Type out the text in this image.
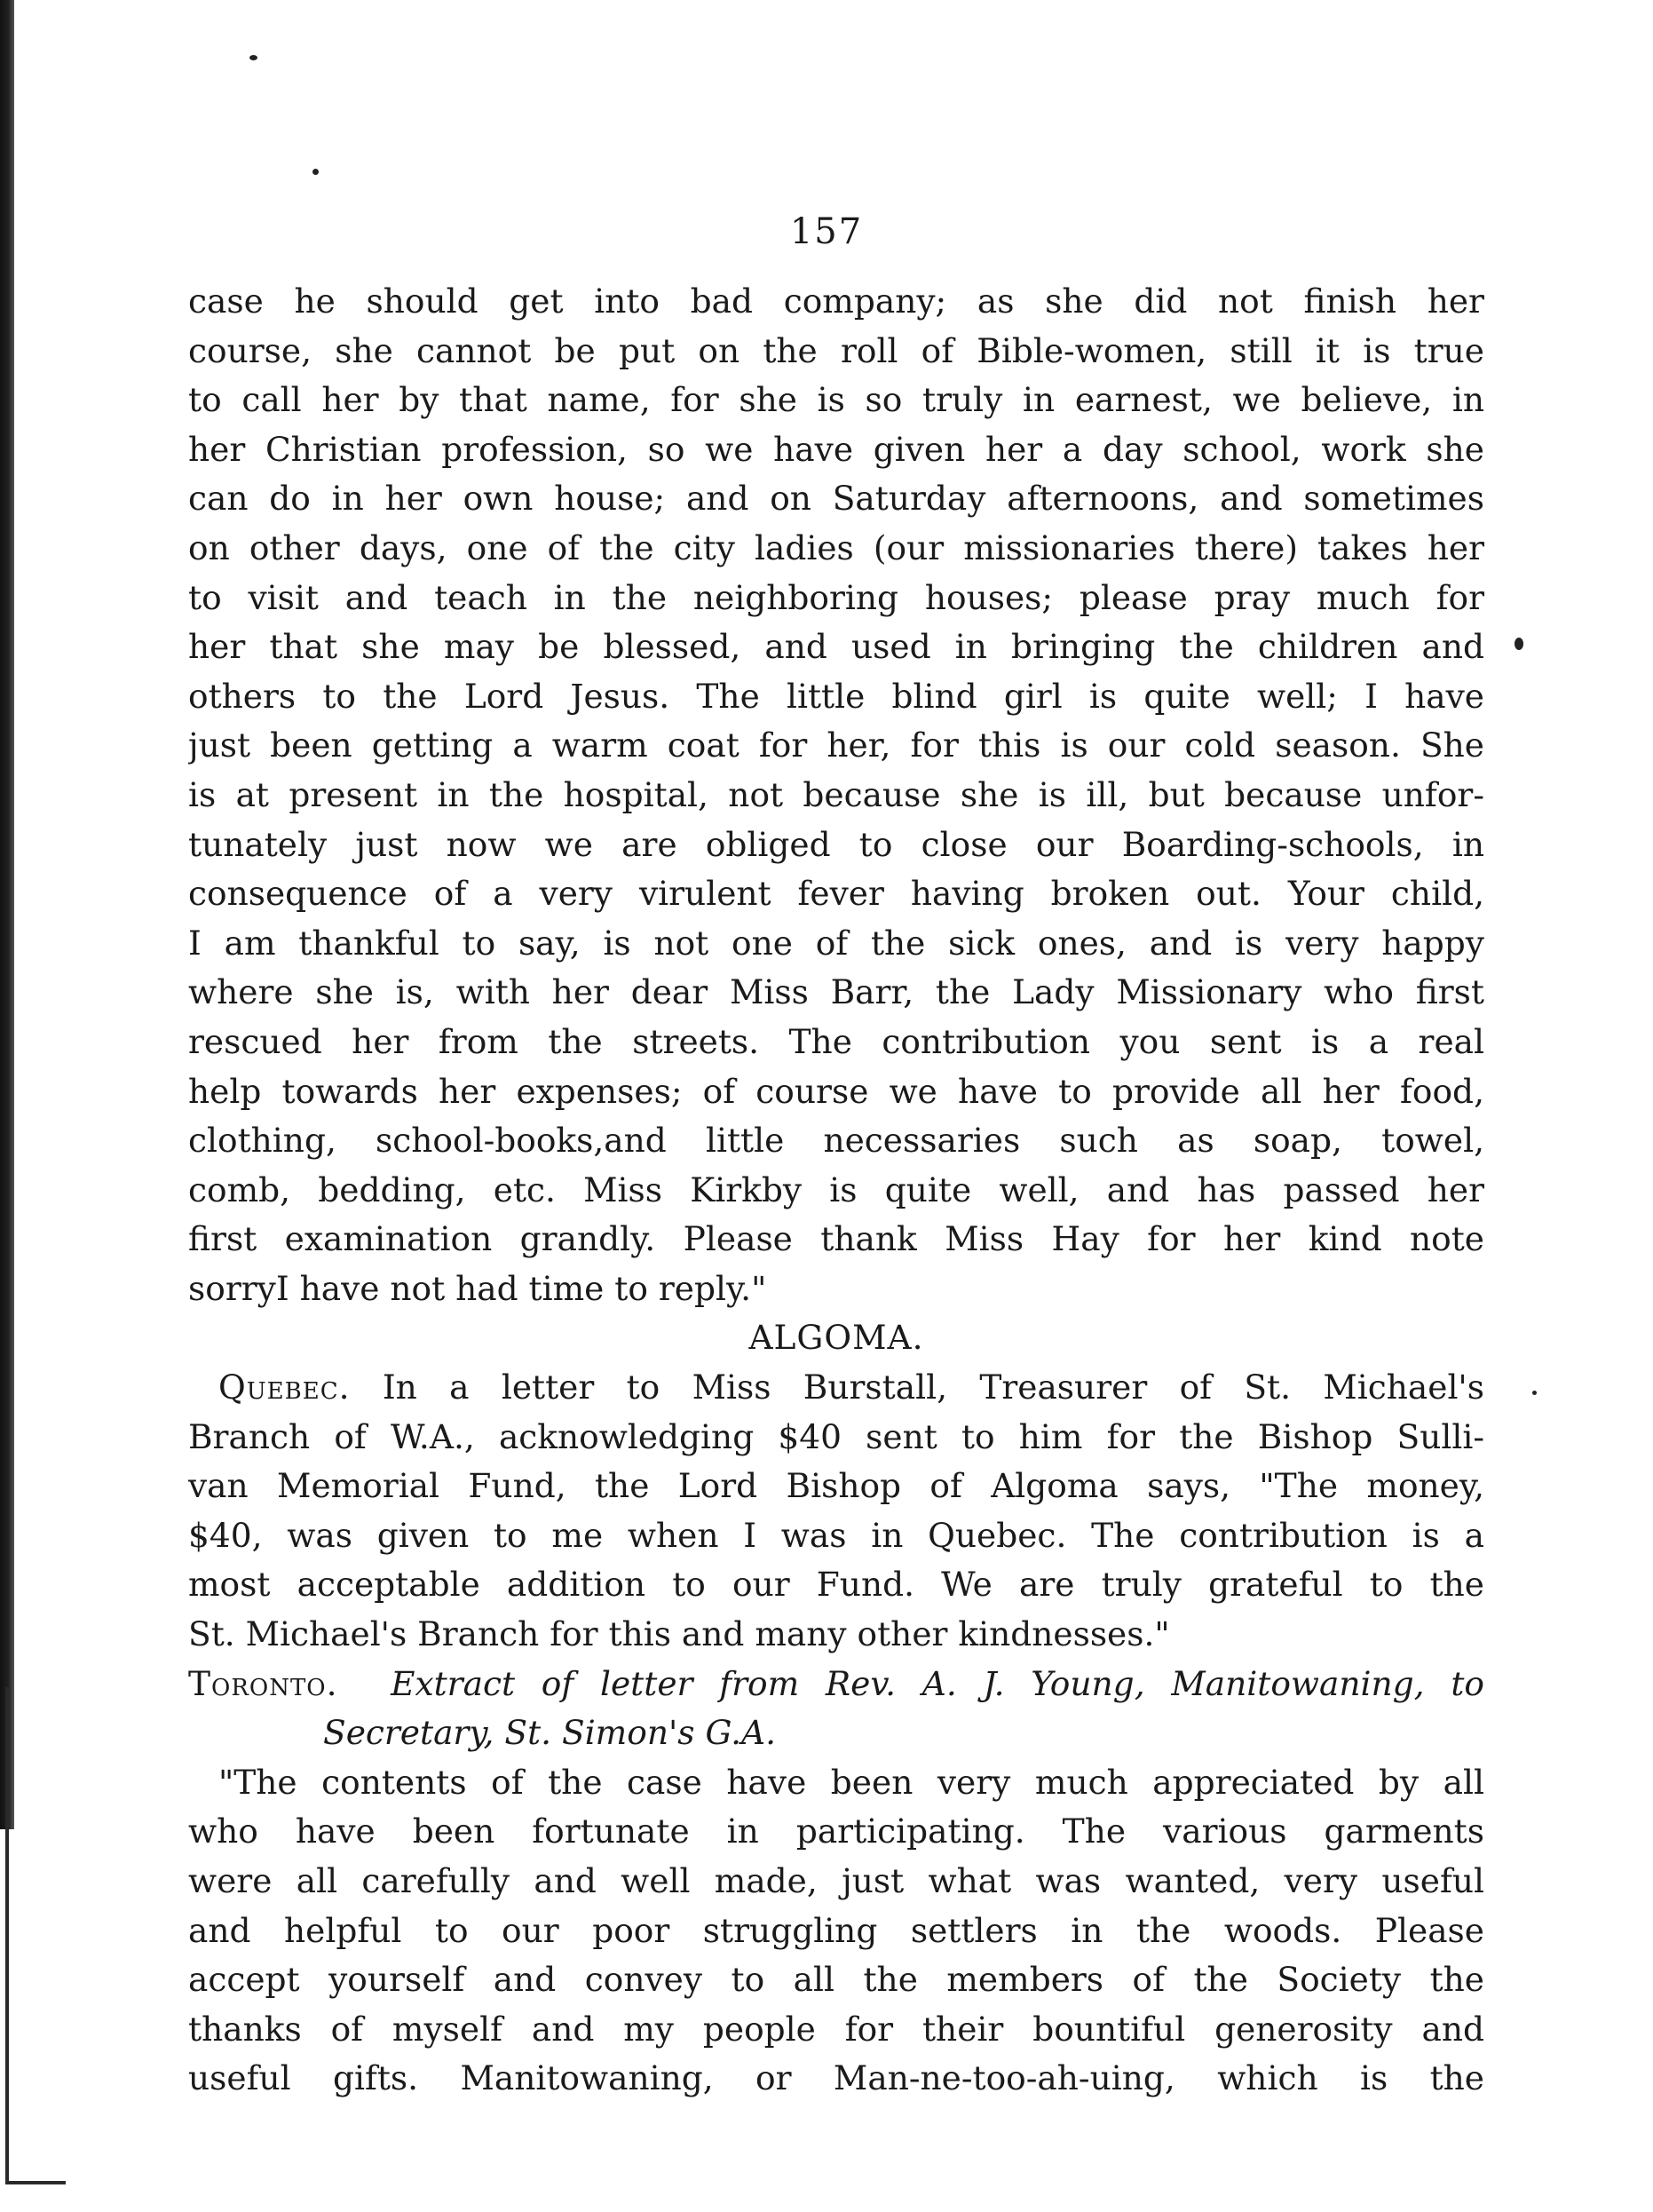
157
case he should get into bad company; as she did not finish her
course, she cannot be put on the roll of Bible-women, still it is true
to call her by that name, for she is so truly in earnest, we believe, in
her Christian profession, so we have given her a day school, work she
can do in her own house; and on Saturday afternoons, and sometimes
on other days, one of the city ladies (our missionaries there) takes her
to visit and teach in the neighboring houses; please pray much for
her that she may be blessed, and used in bringing the children and
others to the Lord Jesus. The little blind girl is quite well; I have
just been getting a warm coat for her, for this is our cold season. She
is at present in the hospital, not because she is ill, but because unfor-
tunately just now we are obliged to close our Boarding-schools, in
consequence of a very virulent fever having broken out. Your child,
I am thankful to say, is not one of the sick ones, and is very happy
where she is, with her dear Miss Barr, the Lady Missionary who first
rescued her from the streets. The contribution you sent is a real
help towards her expenses; of course we have to provide all her food,
clothing, school-books,and little necessaries such as soap, towel,
comb, bedding, etc. Miss Kirkby is quite well, and has passed her
first examination grandly. Please thank Miss Hay for her kind note
sorryI have not had time to reply."
ALGOMA.
Quebec. In a letter to Miss Burstall, Treasurer of St. Michael's
Branch of W.A., acknowledging $40 sent to him for the Bishop Sulli-
van Memorial Fund, the Lord Bishop of Algoma says, "The money,
$40, was given to me when I was in Quebec. The contribution is a
most acceptable addition to our Fund. We are truly grateful to the
St. Michael's Branch for this and many other kindnesses."
Toronto. Extract of letter from Rev. A. J. Young, Manitowaning, to
Secretary, St. Simon's G.A.
"The contents of the case have been very much appreciated by all
who have been fortunate in participating. The various garments
were all carefully and well made, just what was wanted, very useful
and helpful to our poor struggling settlers in the woods. Please
accept yourself and convey to all the members of the Society the
thanks of myself and my people for their bountiful generosity and
useful gifts. Manitowaning, or Man-ne-too-ah-uing, which is the
